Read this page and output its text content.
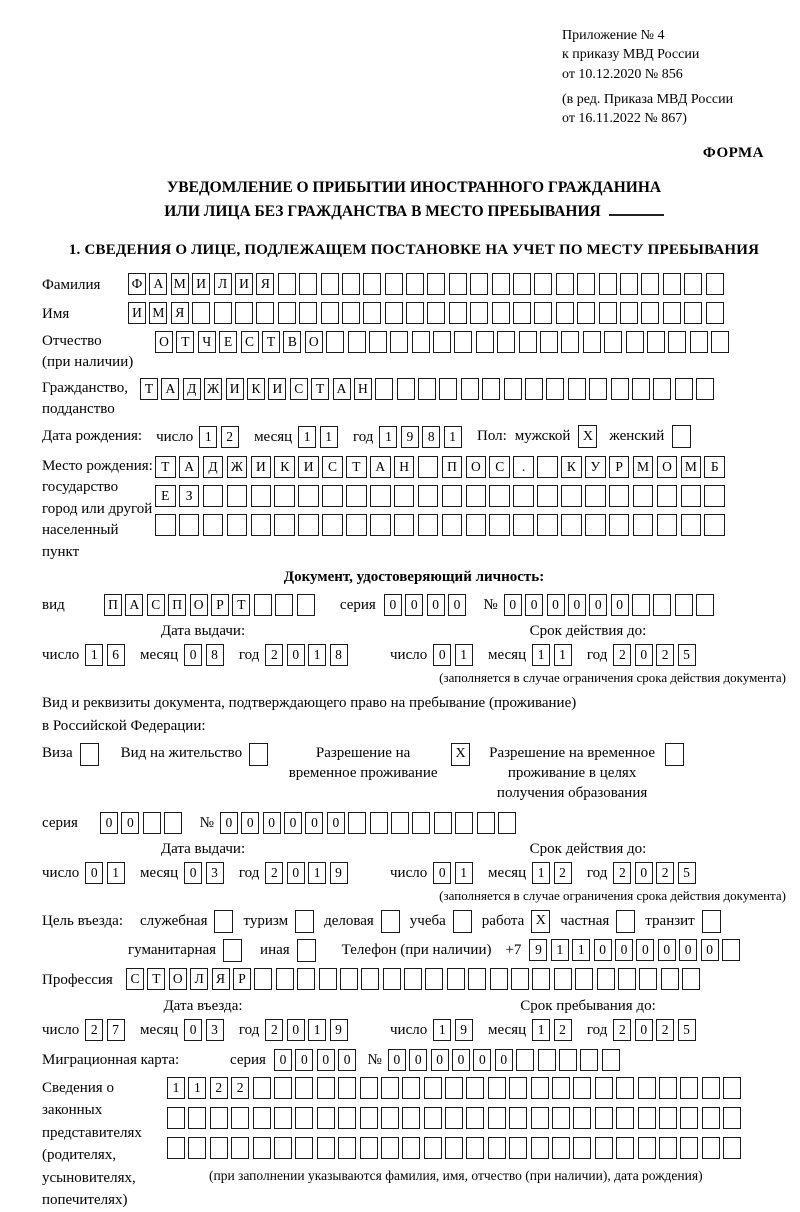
Приложение № 4
к приказу МВД России
от 10.12.2020 № 856
(в ред. Приказа МВД России
от 16.11.2022 № 867)
ФОРМА
УВЕДОМЛЕНИЕ О ПРИБЫТИИ ИНОСТРАННОГО ГРАЖДАНИНА
ИЛИ ЛИЦА БЕЗ ГРАЖДАНСТВА В МЕСТО ПРЕБЫВАНИЯ
1. СВЕДЕНИЯ О ЛИЦЕ, ПОДЛЕЖАЩЕМ ПОСТАНОВКЕ НА УЧЕТ ПО МЕСТУ ПРЕБЫВАНИЯ
Фамилия	Ф А М И Л И Я
Имя	И М Я
Отчество
(при наличии)
О Т Ч Е С Т В О
Гражданство,
подданство
Т А Д Ж И К И С Т А Н
Дата рождения: число 1	2	месяц 1	1	год 1	9	8	1	Пол: мужской X женский
Место рождения:
государство
город или другой
населенный пункт
Т	А	Д Ж И	К	И	С	Т	А	Н	П	О	С	.	К	У	Р	М О М	Б
Е	З
Документ, удостоверяющий личность:
вид	П А С П О Р	Т	серия	0	0	0	0	№ 0	0	0	0	0	0
Дата выдачи:
число 1	6	месяц 0	8	год 2	0	1	8
Срок действия до:
число 0	1	месяц 1	1	год 2	0	2	5
(заполняется в случае ограничения срока действия документа)
Вид и реквизиты документа, подтверждающего право на пребывание (проживание)
в Российской Федерации:
Виза	Вид на жительство	Разрешение на временное проживание
X Разрешение на временное проживание в целях получения образования
серия	0	0	№ 0	0	0	0	0	0
Дата выдачи:
число 0	1	месяц 0	3	год 2	0	1	9
Срок действия до:
число 0	1	месяц 1	2	год 2	0	2	5
(заполняется в случае ограничения срока действия документа)
Цель въезда: служебная туризм деловая учеба работа X частная транзит
гуманитарная	иная	Телефон (при наличии) +7	9	1	1	0	0	0	0	0	0
Профессия	С Т О Л Я Р
Дата въезда:
число 2	7	месяц 0	3	год 2	0	1	9
Срок пребывания до:
число 1	9	месяц 1	2	год 2	0	2	5
Миграционная карта:	серия	0	0	0	0	№ 0	0	0	0	0	0
Сведения о
законных
представителях
(родителях,
усыновителях,
попечителях)
1	1	2	2
(при заполнении указываются фамилия, имя, отчество (при наличии), дата рождения)
